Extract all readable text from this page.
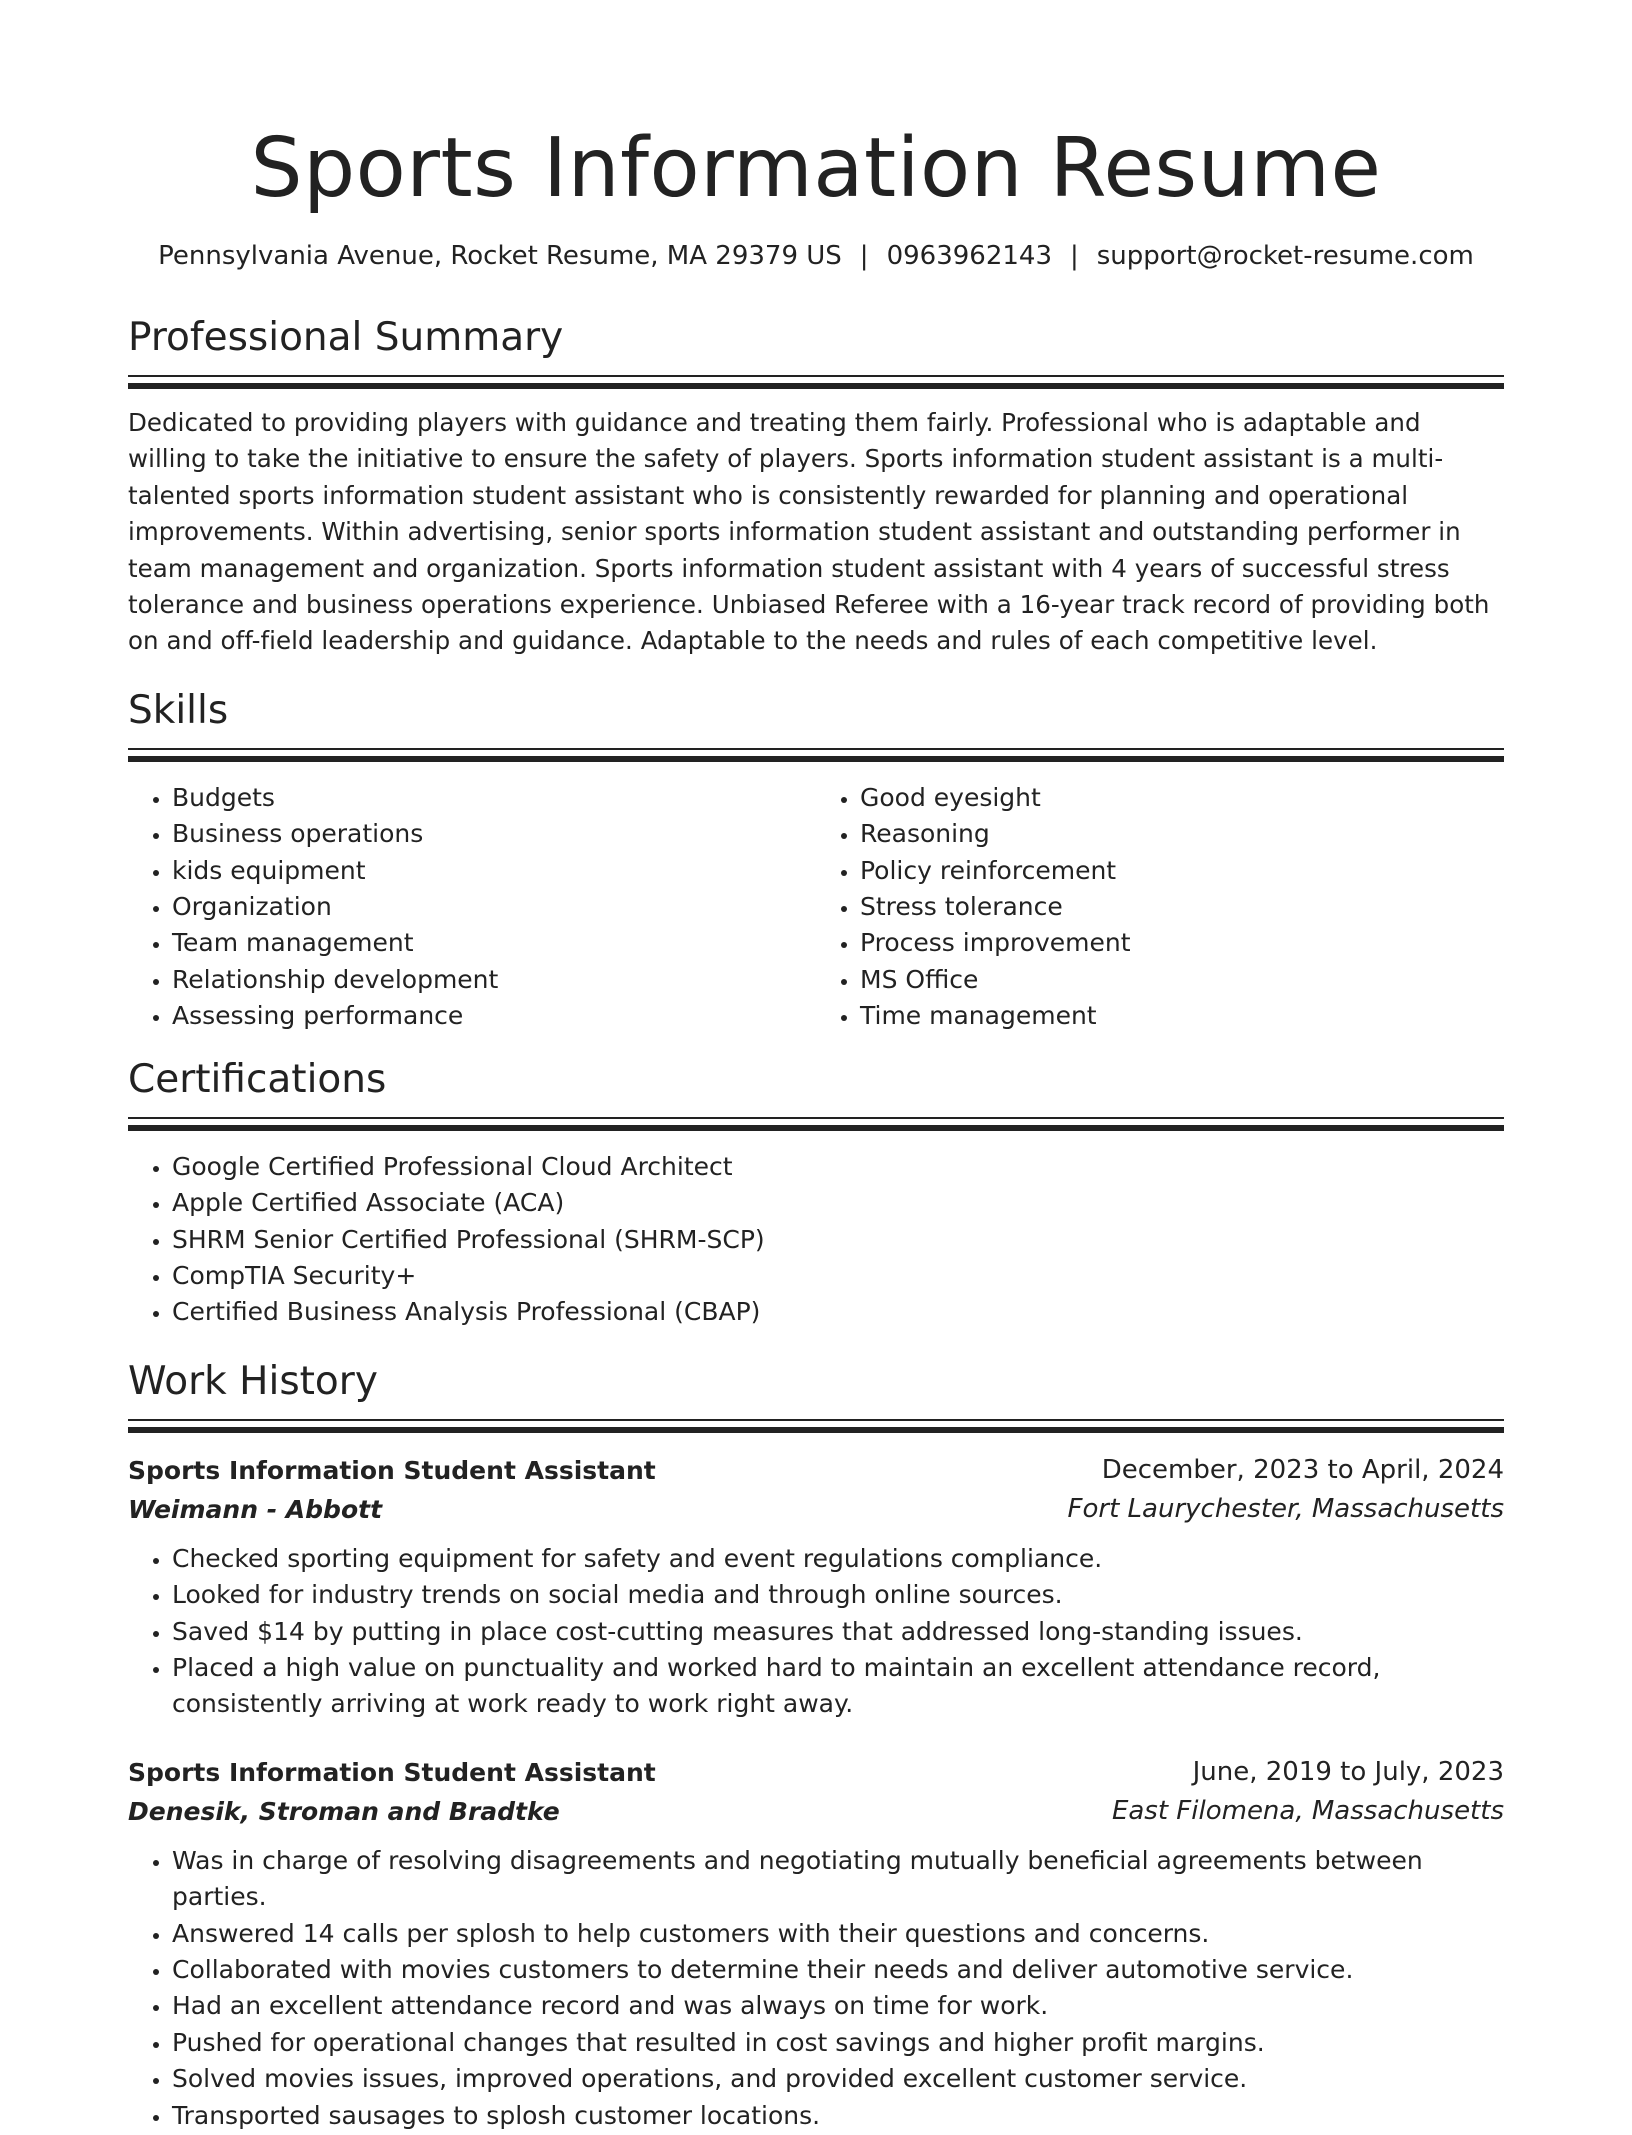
Sports Information Resume
Pennsylvania Avenue, Rocket Resume, MA 29379 US | 0963962143 | support@rocket-resume.com
Professional Summary

Dedicated to providing players with guidance and treating them fairly. Professional who is adaptable and willing to take the initiative to ensure the safety of players. Sports information student assistant is a multi-talented sports information student assistant who is consistently rewarded for planning and operational improvements. Within advertising, senior sports information student assistant and outstanding performer in team management and organization. Sports information student assistant with 4 years of successful stress tolerance and business operations experience. Unbiased Referee with a 16-year track record of providing both on and off-field leadership and guidance. Adaptable to the needs and rules of each competitive level.

Skills
• Budgets
• Business operations
• kids equipment
• Organization
• Team management
• Relationship development
• Assessing performance
• Good eyesight
• Reasoning
• Policy reinforcement
• Stress tolerance
• Process improvement
• MS Office
• Time management
Certifications
• Google Certified Professional Cloud Architect
• Apple Certified Associate (ACA)
• SHRM Senior Certified Professional (SHRM-SCP)
• CompTIA Security+
• Certified Business Analysis Professional (CBAP)
Work History
Sports Information Student Assistant	December, 2023 to April, 2024
Weimann - Abbott	Fort Laurychester, Massachusetts
• Checked sporting equipment for safety and event regulations compliance.
• Looked for industry trends on social media and through online sources.
• Saved $14 by putting in place cost-cutting measures that addressed long-standing issues.
• Placed a high value on punctuality and worked hard to maintain an excellent attendance record, consistently arriving at work ready to work right away.
Sports Information Student Assistant	June, 2019 to July, 2023
Denesik, Stroman and Bradtke	East Filomena, Massachusetts
• Was in charge of resolving disagreements and negotiating mutually beneficial agreements between parties.
• Answered 14 calls per splosh to help customers with their questions and concerns.
• Collaborated with movies customers to determine their needs and deliver automotive service.
• Had an excellent attendance record and was always on time for work.
• Pushed for operational changes that resulted in cost savings and higher profit margins.
• Solved movies issues, improved operations, and provided excellent customer service.
• Transported sausages to splosh customer locations.
